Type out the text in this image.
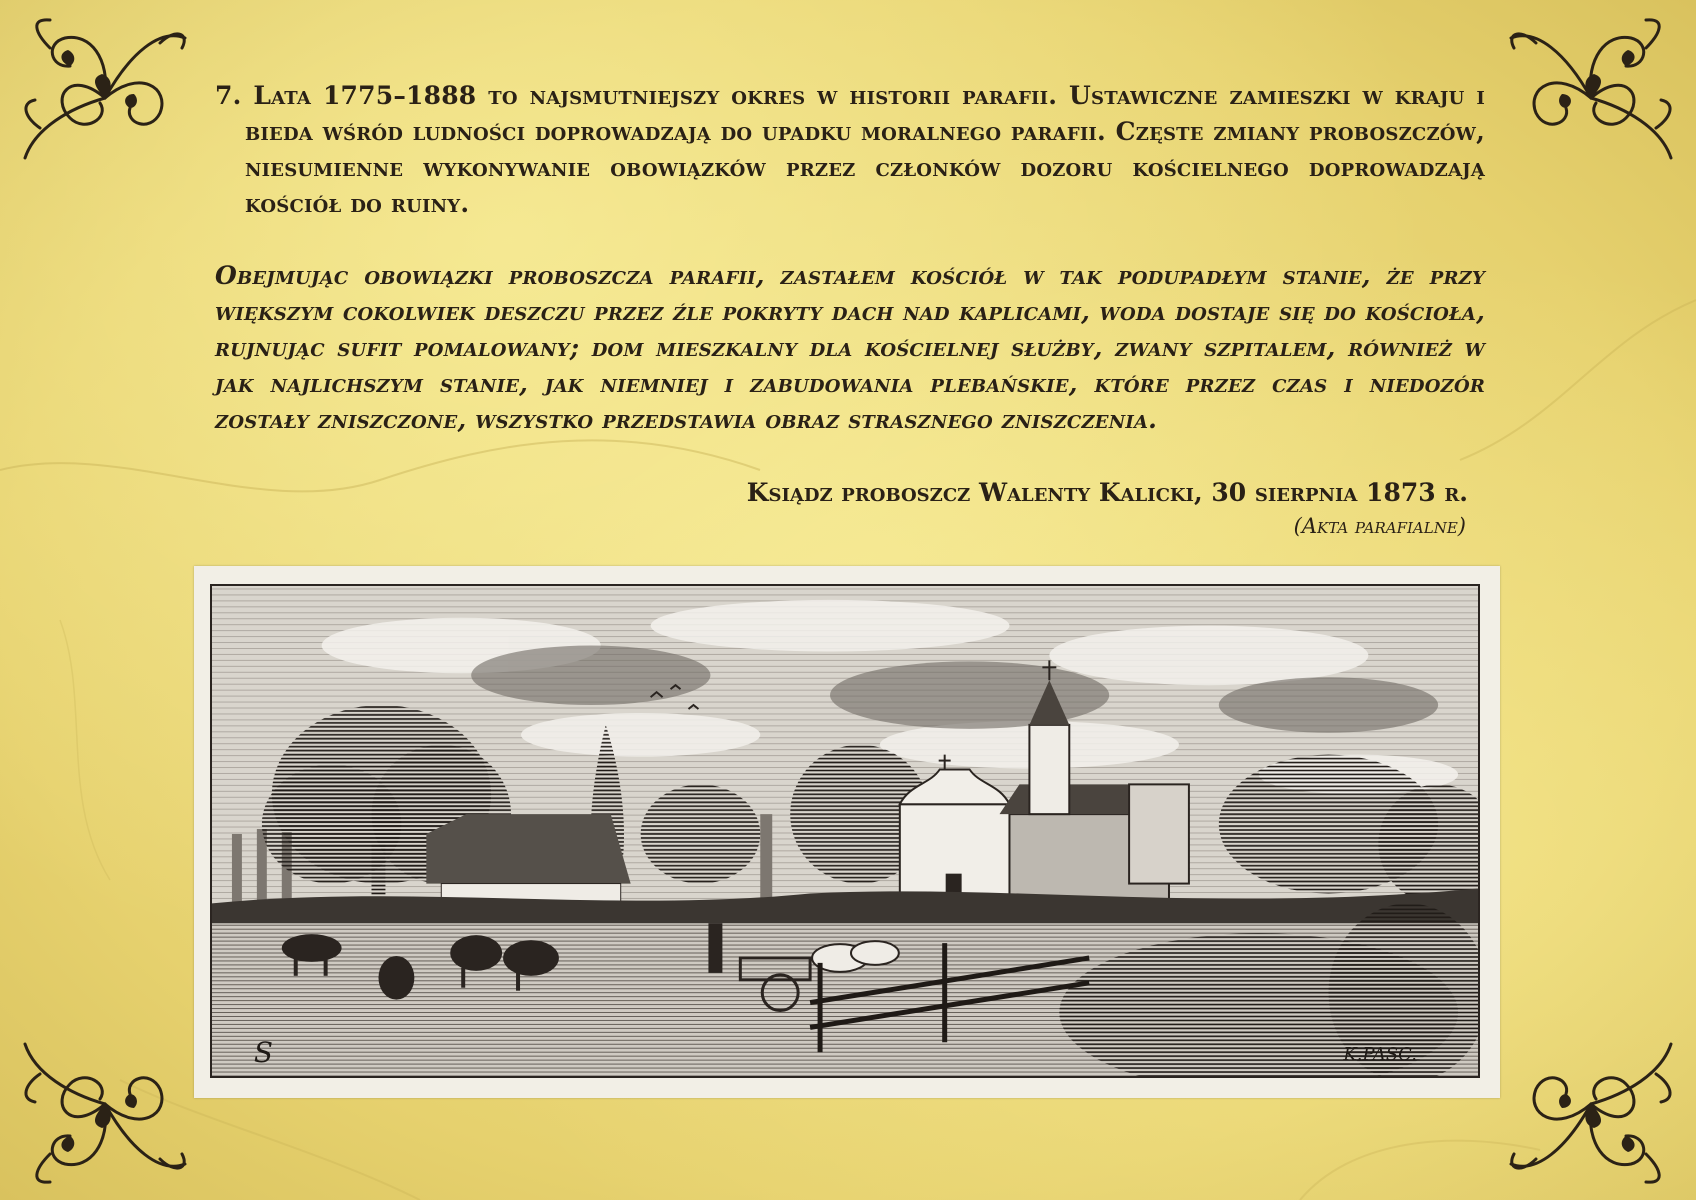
7. Lata 1775–1888 to najsmutniejszy okres w historii parafii. Ustawiczne zamieszki w kraju i bieda wśród ludności doprowadzają do upadku moralnego parafii. Częste zmiany proboszczów, niesumienne wykonywanie obowiązków przez członków dozoru kościelnego doprowadzają kościół do ruiny.

Obejmując obowiązki proboszcza parafii, zastałem kościół w tak podupadłym stanie, że przy większym cokolwiek deszczu przez źle pokryty dach nad kaplicami, woda dostaje się do kościoła, rujnując sufit pomalowany; dom mieszkalny dla kościelnej służby, zwany szpitalem, również w jak najlichszym stanie, jak niemniej i zabudowania plebańskie, które przez czas i niedozór zostały zniszczone, wszystko przedstawia obraz strasznego zniszczenia.

Ksiądz proboszcz Walenty Kalicki, 30 sierpnia 1873 r.

(Akta parafialne)

S	K.PASC.
